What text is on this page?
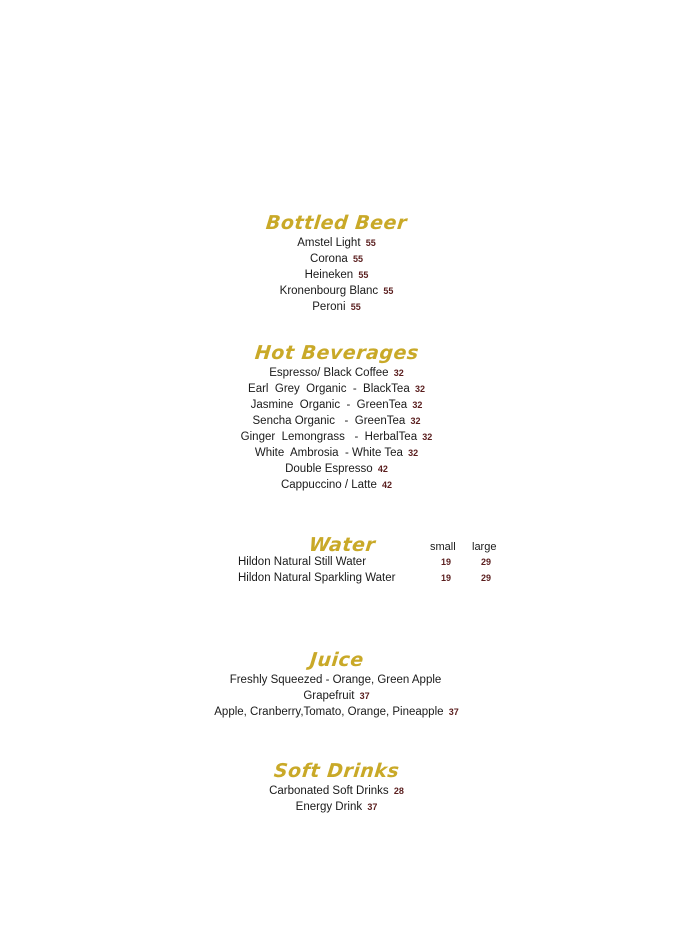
Bottled Beer
Amstel Light 55
Corona 55
Heineken 55
Kronenbourg Blanc 55
Peroni 55
Hot Beverages
Espresso/ Black Coffee 32
Earl  Grey  Organic  -  BlackTea 32
Jasmine  Organic  -  GreenTea 32
Sencha Organic   -  GreenTea 32
Ginger  Lemongrass   -  HerbalTea 32
White  Ambrosia  - White Tea 32
Double Espresso 42
Cappuccino / Latte 42
Water	small large
Hildon Natural Still Water	19	29
Hildon Natural Sparkling Water	19	29
Juice
Freshly Squeezed - Orange, Green Apple
Grapefruit 37
Apple, Cranberry,Tomato, Orange, Pineapple 37
Soft Drinks
Carbonated Soft Drinks 28
Energy Drink 37
